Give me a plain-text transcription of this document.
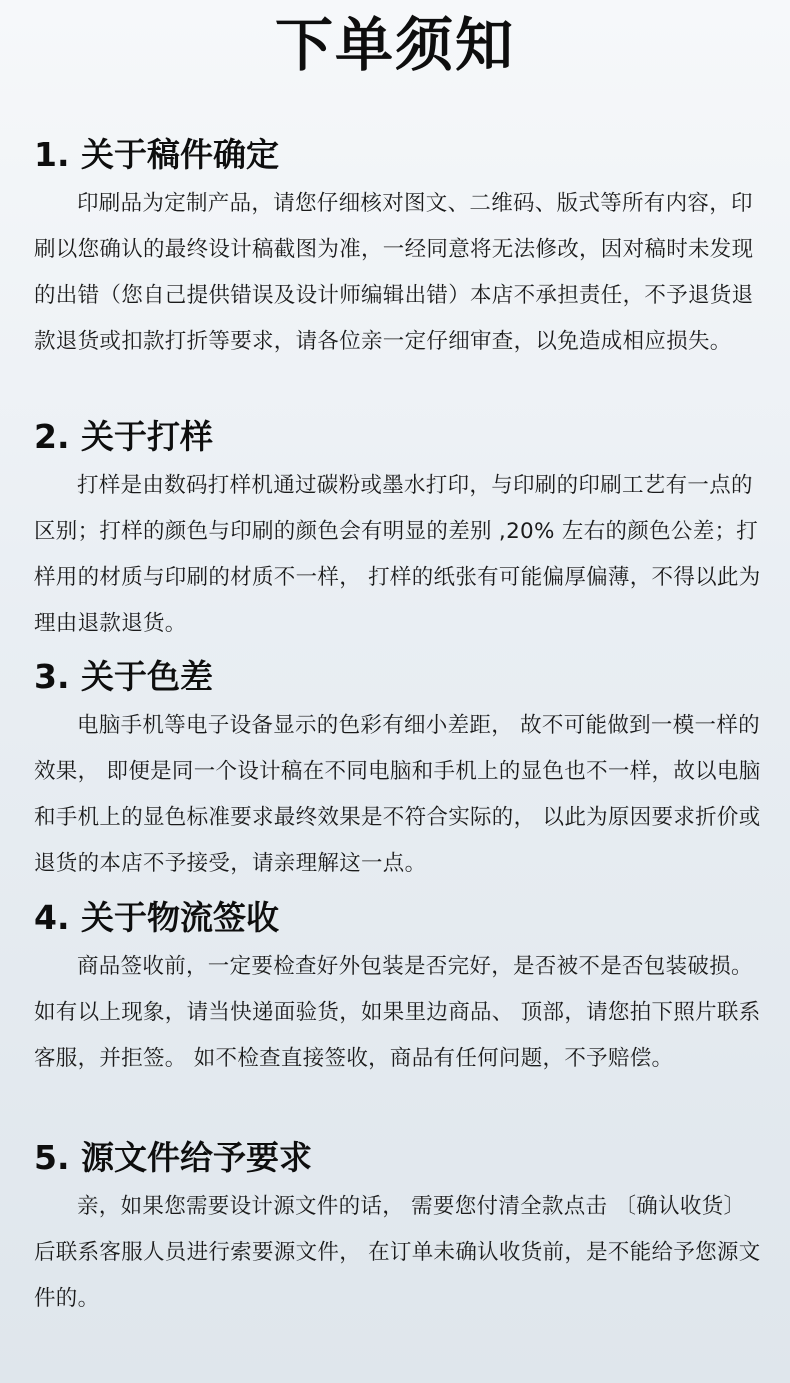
下单须知
1. 关于稿件确定

印刷品为定制产品，请您仔细核对图文、二维码、版式等所有内容，印刷以您确认的最终设计稿截图为准，一经同意将无法修改，因对稿时未发现的出错（您自己提供错误及设计师编辑出错）本店不承担责任，不予退货退款退货或扣款打折等要求，请各位亲一定仔细审查，以免造成相应损失。

2. 关于打样

打样是由数码打样机通过碳粉或墨水打印，与印刷的印刷工艺有一点的区别；打样的颜色与印刷的颜色会有明显的差别 ,20% 左右的颜色公差；打样用的材质与印刷的材质不一样， 打样的纸张有可能偏厚偏薄，不得以此为理由退款退货。

3. 关于色差

电脑手机等电子设备显示的色彩有细小差距， 故不可能做到一模一样的效果， 即便是同一个设计稿在不同电脑和手机上的显色也不一样，故以电脑和手机上的显色标准要求最终效果是不符合实际的， 以此为原因要求折价或退货的本店不予接受，请亲理解这一点。

4. 关于物流签收

商品签收前，一定要检查好外包装是否完好，是否被不是否包装破损。 如有以上现象，请当快递面验货，如果里边商品、 顶部，请您拍下照片联系客服，并拒签。 如不检查直接签收，商品有任何问题，不予赔偿。

5. 源文件给予要求

亲，如果您需要设计源文件的话， 需要您付清全款点击 〔确认收货〕 后联系客服人员进行索要源文件， 在订单未确认收货前，是不能给予您源文件的。
